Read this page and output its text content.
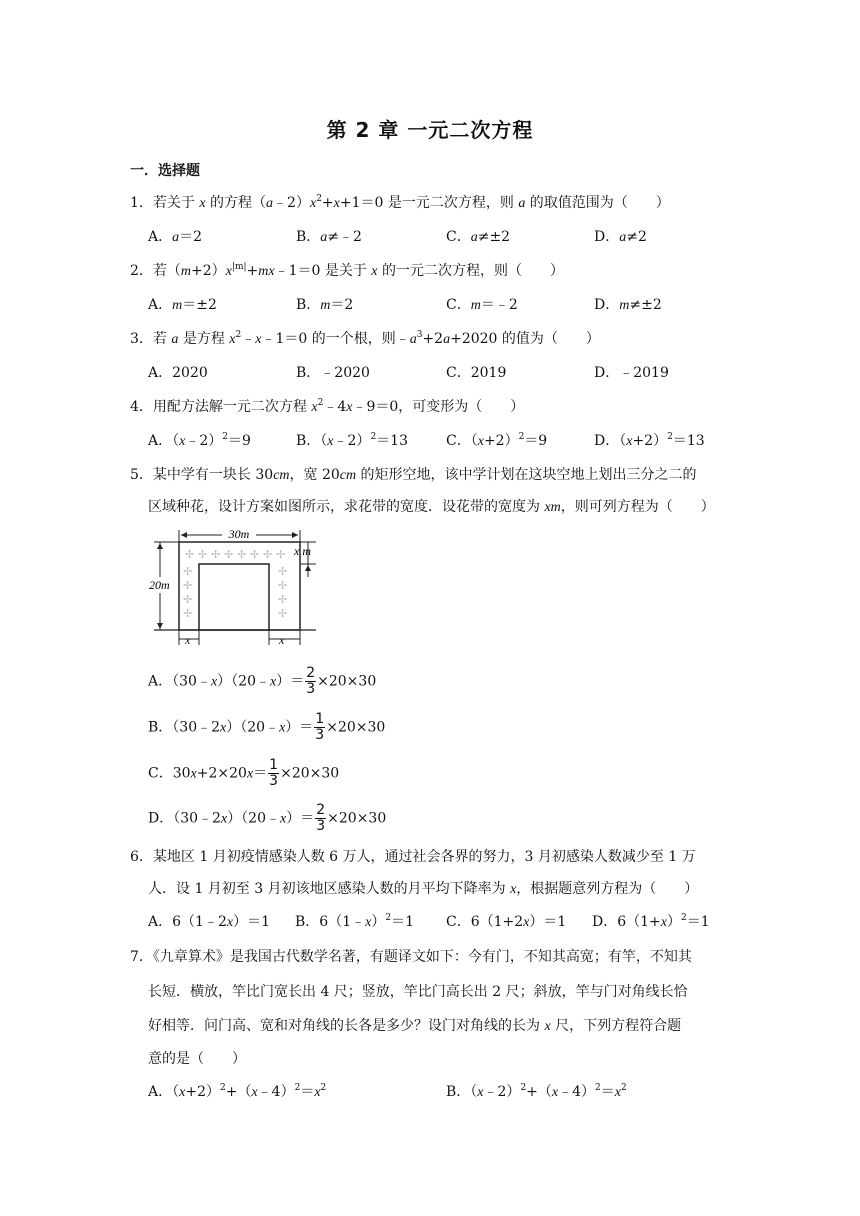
第 2 章 一元二次方程
一．选择题
1．若关于 x 的方程$(a﹣2)x^2+x+1=0$ 是一元二次方程，则 a 的取值范围为（　　）
A．a＝2	B．a≠﹣2	C．a≠±2	D．a≠2
2．若$(m+2)x^{|m|}+mx﹣1=0$ 是关于 x 的一元二次方程，则（　　）
A．m＝±2	B．m＝2	C．m＝﹣2	D．m≠±2
3．若 a 是方程 $x^2﹣x﹣1=0$ 的一个根，则$﹣a^3+2a+2020$ 的值为（　　）
A．2020	B．﹣2020	C．2019	D．﹣2019
4．用配方法解一元二次方程 $x^2﹣4x﹣9=0$，可变形为（　　）
A．（x﹣2）$^2$＝9	B．（x﹣2）$^2$＝13	C．$(x+2)^2=9$	D．$(x+2)^2=13$
5．某中学有一块长 30cm，宽 20cm 的矩形空地，该中学计划在这块空地上划出三分之二的
区域种花，设计方案如图所示，求花带的宽度．设花带的宽度为 xm，则可列方程为（　　）
30m
20m
x m
x	x
✢ ✢ ✢ ✢ ✢ ✢ ✢ ✢
✢
✢
✢
✢
✢
✢
✢
✢
A．（30﹣x）（20﹣x）＝ $\frac{2}{3} \times 20\times 30$
B．（30﹣2x）（20﹣x）＝ $\frac{1}{3} \times 20\times 30$
C．$30x+2\times 20x= \frac{1}{3} \times 20\times 30$
D．（30﹣2x）（20﹣x）＝ $\frac{2}{3} \times 20\times 30$
6．某地区 1 月初疫情感染人数 6 万人，通过社会各界的努力，3 月初感染人数减少至 1 万
人．设 1 月初至 3 月初该地区感染人数的月平均下降率为 x，根据题意列方程为（　　）
A．6（1﹣2x）＝1 B．6（1﹣x）$^2$＝1 C．6（1+2x）＝1 D．$6(1+x)^2=1$
7．《九章算术》是我国古代数学名著，有题译文如下：今有门，不知其高宽；有竿，不知其
长短．横放，竿比门宽长出 4 尺；竖放，竿比门高长出 2 尺；斜放，竿与门对角线长恰
好相等．问门高、宽和对角线的长各是多少？设门对角线的长为 x 尺，下列方程符合题
意的是（　　）
A．$(x+2)^2+(x﹣4)^2=x^2$	B．$(x﹣2)^2+(x﹣4)^2=x^2$
